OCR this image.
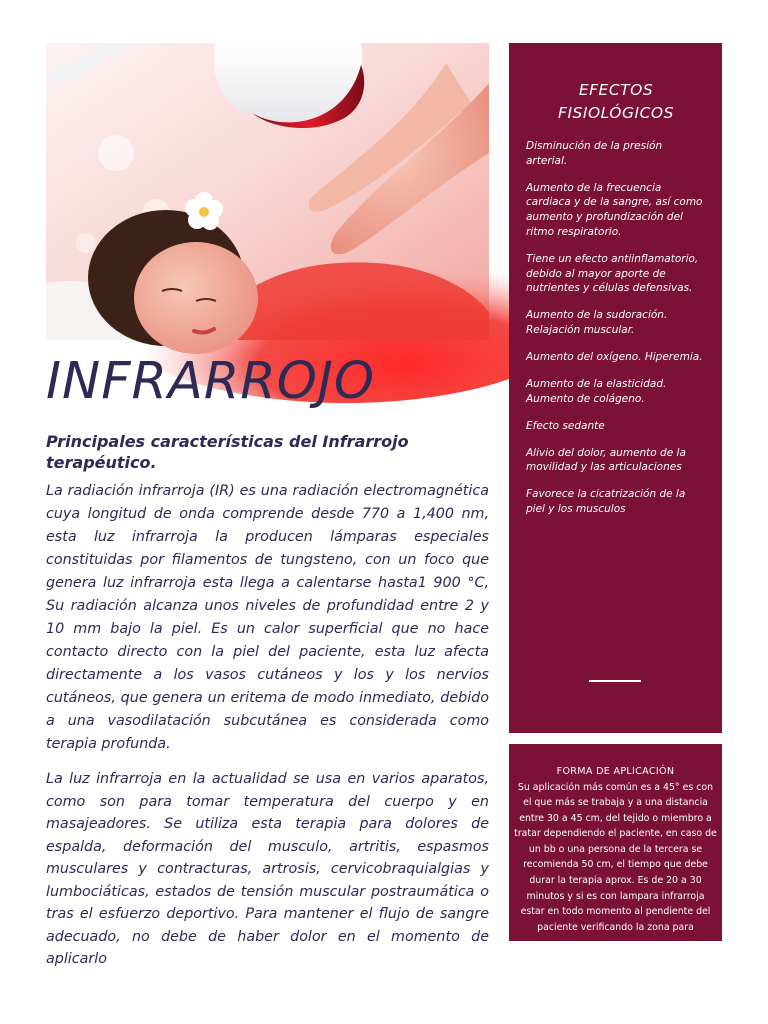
INFRARROJO
Principales características del Infrarrojo terapéutico.

La radiación infrarroja (IR) es una radiación electromagnética cuya longitud de onda comprende desde 770 a 1,400 nm, esta luz infrarroja la producen lámparas especiales constituidas por filamentos de tungsteno, con un foco que genera luz infrarroja esta llega a calentarse hasta1 900 °C, Su radiación alcanza unos niveles de profundidad entre 2 y 10 mm bajo la piel. Es un calor superficial que no hace contacto directo con la piel del paciente, esta luz afecta directamente a los vasos cutáneos y los y los nervios cutáneos, que genera un eritema de modo inmediato, debido a una vasodilatación subcutánea es considerada como terapia profunda.

La luz infrarroja en la actualidad se usa en varios aparatos, como son para tomar temperatura del cuerpo y en masajeadores. Se utiliza esta terapia para dolores de espalda, deformación del musculo, artritis, espasmos musculares y contracturas, artrosis, cervicobraquialgias y lumbociáticas, estados de tensión muscular postraumática o tras el esfuerzo deportivo. Para mantener el flujo de sangre adecuado, no debe de haber dolor en el momento de aplicarlo

EFECTOS FISIOLÓGICOS
Disminución de la presión arterial.
Aumento de la frecuencia cardiaca y de la sangre, así como aumento y profundización del ritmo respiratorio.
Tiene un efecto antiinflamatorio, debido al mayor aporte de nutrientes y células defensivas.
Aumento de la sudoración. Relajación muscular.
Aumento del oxígeno. Hiperemia.
Aumento de la elasticidad. Aumento de colágeno.
Efecto sedante
Alivio del dolor, aumento de la movilidad y las articulaciones
Favorece la cicatrización de la piel y los musculos
FORMA DE APLICACIÓN
Su aplicación más común es a 45° es con el que más se trabaja y a una distancia entre 30 a 45 cm, del tejido o miembro a tratar dependiendo el paciente, en caso de un bb o una persona de la tercera se recomienda 50 cm, el tiempo que debe durar la terapia aprox. Es de 20 a 30 minutos y si es con lampara infrarroja estar en todo momento al pendiente del paciente verificando la zona para
